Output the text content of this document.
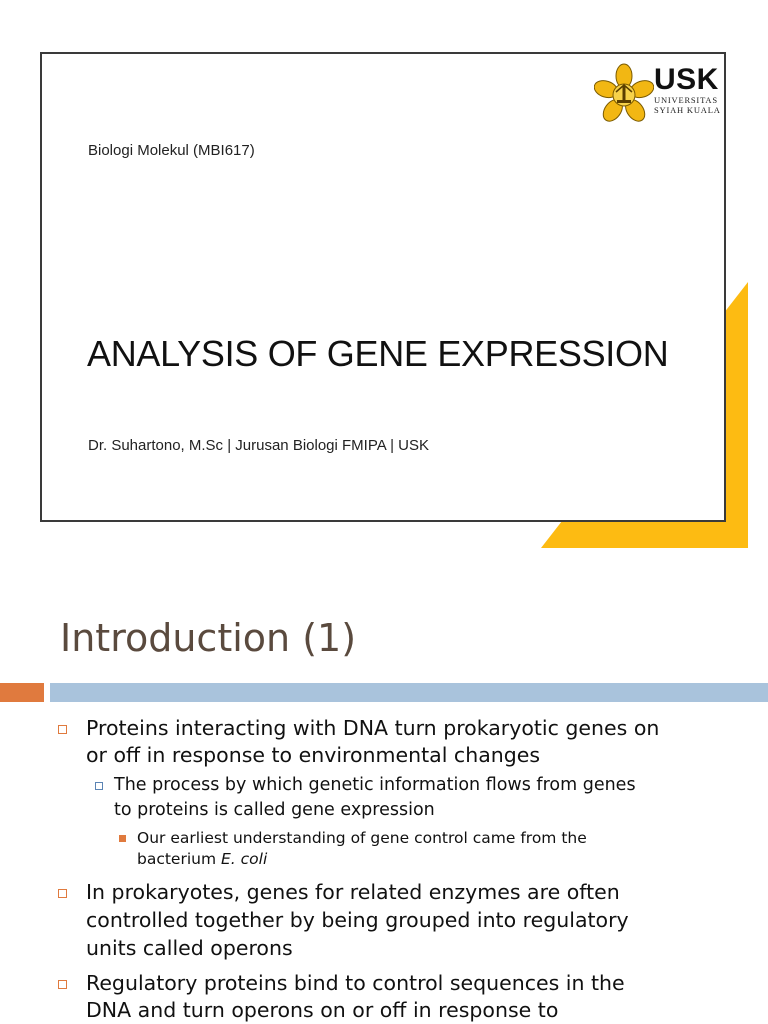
USK
UNIVERSITAS
SYIAH KUALA
Biologi Molekul (MBI617)
ANALYSIS OF GENE EXPRESSION
Dr. Suhartono, M.Sc | Jurusan Biologi FMIPA | USK
Introduction (1)
Proteins interacting with DNA turn prokaryotic genes on
or off in response to environmental changes
The process by which genetic information flows from genes
to proteins is called gene expression
Our earliest understanding of gene control came from the
bacterium E. coli
In prokaryotes, genes for related enzymes are often
controlled together by being grouped into regulatory
units called operons
Regulatory proteins bind to control sequences in the
DNA and turn operons on or off in response to
